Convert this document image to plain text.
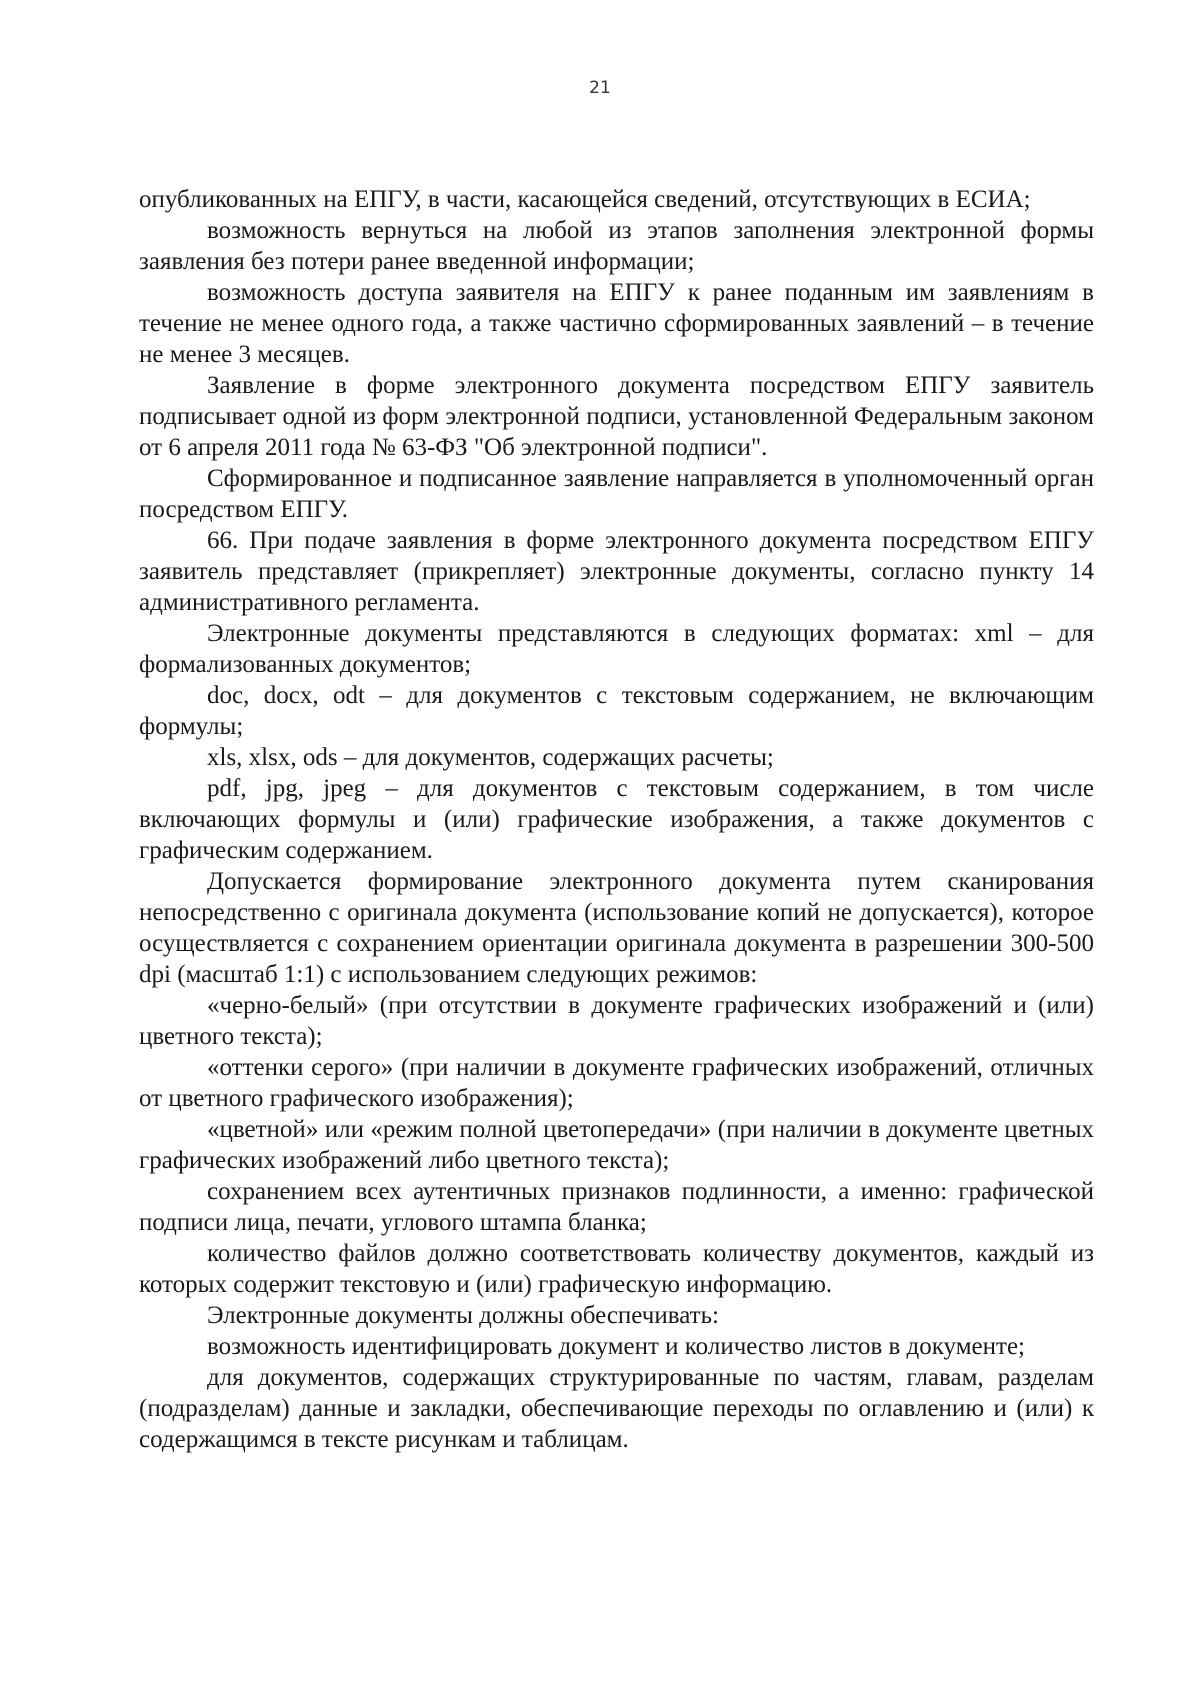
21

опубликованных на ЕПГУ, в части, касающейся сведений, отсутствующих в ЕСИА;

возможность вернуться на любой из этапов заполнения электронной формы заявления без потери ранее введенной информации;

возможность доступа заявителя на ЕПГУ к ранее поданным им заявлениям в течение не менее одного года, а также частично сформированных заявлений – в течение не менее 3 месяцев.

Заявление в форме электронного документа посредством ЕПГУ заявитель подписывает одной из форм электронной подписи, установленной Федеральным законом от 6 апреля 2011 года № 63-ФЗ "Об электронной подписи".

Сформированное и подписанное заявление направляется в уполномоченный орган посредством ЕПГУ.

66. При подаче заявления в форме электронного документа посредством ЕПГУ заявитель представляет (прикрепляет) электронные документы, согласно пункту 14 административного регламента.

Электронные документы представляются в следующих форматах: xml – для формализованных документов;

doc, docx, odt – для документов с текстовым содержанием, не включающим формулы;

xls, xlsx, ods – для документов, содержащих расчеты;

pdf, jpg, jpeg – для документов с текстовым содержанием, в том числе включающих формулы и (или) графические изображения, а также документов с графическим содержанием.

Допускается формирование электронного документа путем сканирования непосредственно с оригинала документа (использование копий не допускается), которое осуществляется с сохранением ориентации оригинала документа в разрешении 300-500 dpi (масштаб 1:1) с использованием следующих режимов:

«черно-белый» (при отсутствии в документе графических изображений и (или) цветного текста);

«оттенки серого» (при наличии в документе графических изображений, отличных от цветного графического изображения);

«цветной» или «режим полной цветопередачи» (при наличии в документе цветных графических изображений либо цветного текста);

сохранением всех аутентичных признаков подлинности, а именно: графической подписи лица, печати, углового штампа бланка;

количество файлов должно соответствовать количеству документов, каждый из которых содержит текстовую и (или) графическую информацию.

Электронные документы должны обеспечивать:

возможность идентифицировать документ и количество листов в документе;

для документов, содержащих структурированные по частям, главам, разделам (подразделам) данные и закладки, обеспечивающие переходы по оглавлению и (или) к содержащимся в тексте рисункам и таблицам.
